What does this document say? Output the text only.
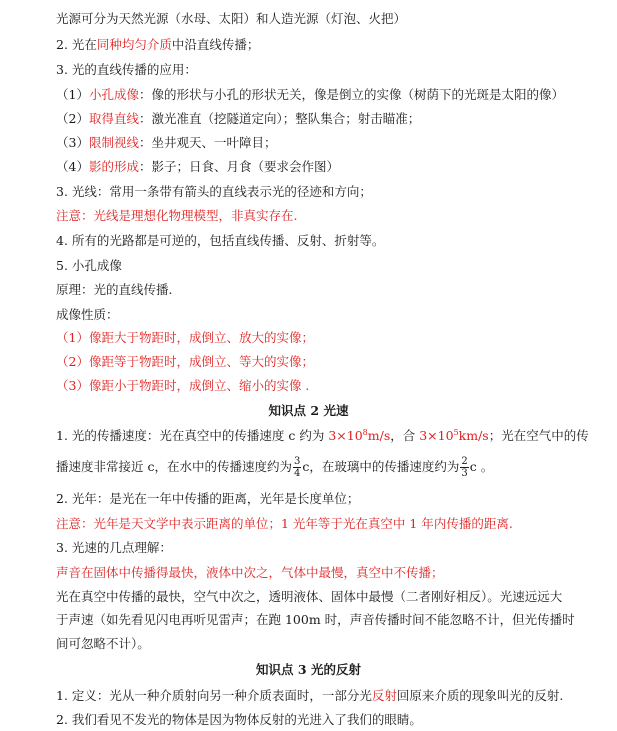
光源可分为天然光源（水母、太阳）和人造光源（灯泡、火把）
2. 光在同种均匀介质中沿直线传播；
3. 光的直线传播的应用：
（1）小孔成像：像的形状与小孔的形状无关，像是倒立的实像（树荫下的光斑是太阳的像）
（2）取得直线：激光准直（挖隧道定向）；整队集合；射击瞄准；
（3）限制视线：坐井观天、一叶障目；
（4）影的形成：影子；日食、月食（要求会作图）
3. 光线：常用一条带有箭头的直线表示光的径迹和方向；
注意：光线是理想化物理模型，非真实存在.
4. 所有的光路都是可逆的，包括直线传播、反射、折射等。
5. 小孔成像
原理：光的直线传播.
成像性质：
（1）像距大于物距时，成倒立、放大的实像；
（2）像距等于物距时，成倒立、等大的实像；
（3）像距小于物距时，成倒立、缩小的实像 .
知识点 2 光速
1. 光的传播速度：光在真空中的传播速度 c 约为 $3\times 10^8m/s$，合 $3\times 10^5km/s$；光在空气中的传
播速度非常接近 c，在水中的传播速度约为 $\frac{3}{4}$ c，在玻璃中的传播速度约为 $\frac{2}{3}$ c 。
2. 光年：是光在一年中传播的距离，光年是长度单位；
注意：光年是天文学中表示距离的单位；1 光年等于光在真空中 1 年内传播的距离.
3. 光速的几点理解：
声音在固体中传播得最快，液体中次之，气体中最慢，真空中不传播；
光在真空中传播的最快，空气中次之，透明液体、固体中最慢（二者刚好相反）。光速远远大
于声速（如先看见闪电再听见雷声；在跑 100m 时，声音传播时间不能忽略不计，但光传播时
间可忽略不计）。
知识点 3 光的反射
1. 定义：光从一种介质射向另一种介质表面时，一部分光反射回原来介质的现象叫光的反射.
2. 我们看见不发光的物体是因为物体反射的光进入了我们的眼睛。
